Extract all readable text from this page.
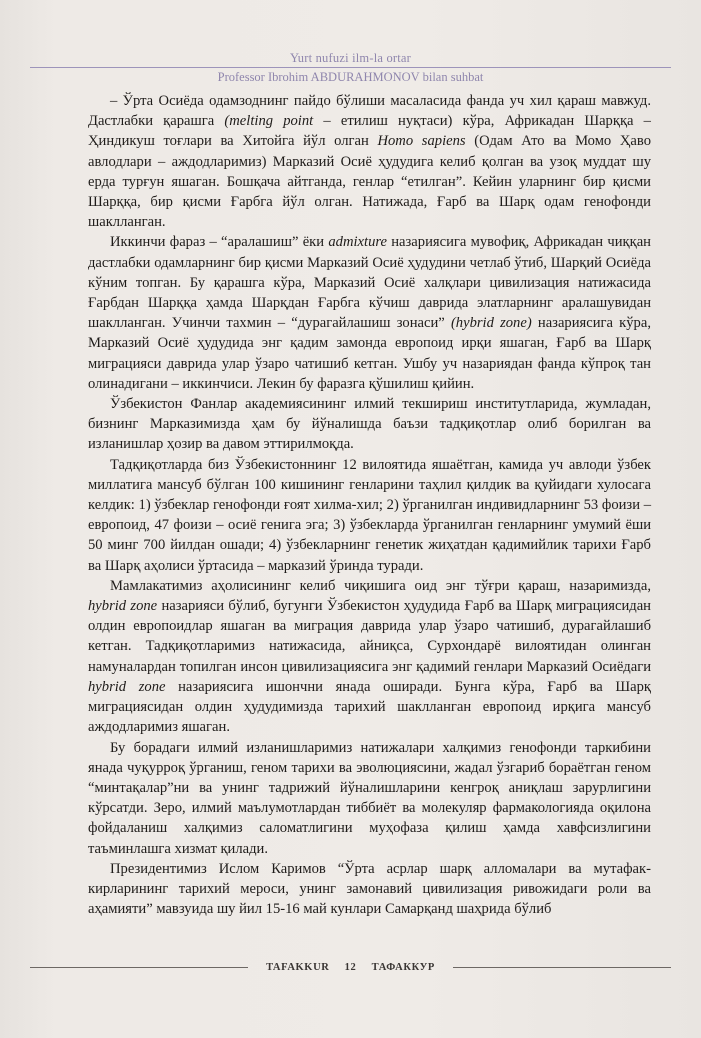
Yurt nufuzi ilm-la ortar
Professor Ibrohim ABDURAHMONOV bilan suhbat

– Ўрта Осиёда одамзоднинг пайдо бўлиши масаласида фанда уч хил қараш мавжуд. Дастлабки қарашга (melting point – етилиш нуқтаси) кўра, Африкадан Шарққа – Ҳиндикуш тоғлари ва Хитойга йўл олган Homo sapiens (Одам Ато ва Момо Ҳаво авлодлари – аждодларимиз) Марказий Осиё ҳудудига келиб қолган ва узоқ муддат шу ерда турғун яшаган. Бошқача айтганда, генлар “етилган”. Кейин уларнинг бир қисми Шарққа, бир қисми Ғарбга йўл олган. Натижада, Ғарб ва Шарқ одам генофонди шаклланган.

Иккинчи фараз – “аралашиш” ёки admixture назариясига мувофиқ, Африкадан чиққан дастлабки одамларнинг бир қисми Марказий Осиё ҳудудини четлаб ўтиб, Шарқий Осиёда кўним топган. Бу қарашга кўра, Марказий Осиё халқлари цивилизация натижасида Ғарбдан Шарққа ҳамда Шарқдан Ғарбга кўчиш даврида элатларнинг аралашувидан шаклланган. Учинчи тахмин – “дурагайлашиш зонаси” (hybrid zone) назариясига кўра, Марказий Осиё ҳудудида энг қадим замонда европоид ирқи яшаган, Ғарб ва Шарқ миграцияси даврида улар ўзаро чатишиб кетган. Ушбу уч назариядан фанда кўпроқ тан олинадигани – иккинчиси. Лекин бу фаразга қўшилиш қийин.

Ўзбекистон Фанлар академиясининг илмий текшириш институтларида, жумладан, бизнинг Марказимизда ҳам бу йўналишда баъзи тадқиқотлар олиб борилган ва изланишлар ҳозир ва давом эттирилмоқда.

Тадқиқотларда биз Ўзбекистоннинг 12 вилоятида яшаётган, камида уч авлоди ўзбек миллатига мансуб бўлган 100 кишининг генларини таҳлил қилдик ва қуйидаги хулосага келдик: 1) ўзбеклар генофонди ғоят хилма-хил; 2) ўрганилган индивидларнинг 53 фоизи – европоид, 47 фоизи – осиё генига эга; 3) ўзбекларда ўрганилган генларнинг умумий ёши 50 минг 700 йилдан ошади; 4) ўзбекларнинг генетик жиҳатдан қадимийлик тарихи Ғарб ва Шарқ аҳолиси ўртасида – марказий ўринда туради.

Мамлакатимиз аҳолисининг келиб чиқишига оид энг тўғри қараш, назаримизда, hybrid zone назарияси бўлиб, бугунги Ўзбекистон ҳудудида Ғарб ва Шарқ миграциясидан олдин европоидлар яшаган ва миграция даврида улар ўзаро чатишиб, дурагайлашиб кетган. Тадқиқотларимиз натижасида, айниқса, Сурхондарё вилоятидан олинган намуналардан топилган инсон цивилизациясига энг қадимий генлари Марказий Осиёдаги hybrid zone назариясига ишончни янада оширади. Бунга кўра, Ғарб ва Шарқ миграциясидан олдин ҳудудимизда тарихий шаклланган европоид ирқига мансуб аждодларимиз яшаган.

Бу борадаги илмий изланишларимиз натижалари халқимиз генофонди таркибини янада чуқурроқ ўрганиш, геном тарихи ва эволюциясини, жадал ўзгариб бораётган геном “минтақалар”ни ва унинг тадрижий йўналишларини кенгроқ аниқлаш зарурлигини кўрсатди. Зеро, илмий маълумотлардан тиббиёт ва молекуляр фармакологияда оқилона фойдаланиш халқимиз саломатлигини муҳофаза қилиш ҳамда хавфсизлигини таъминлашга хизмат қилади.

Президентимиз Ислом Каримов “Ўрта асрлар шарқ алломалари ва мутафаккирларининг тарихий мероси, унинг замонавий цивилизация ривожидаги роли ва аҳамияти” мавзуида шу йил 15-16 май кунлари Самарқанд шаҳрида бўлиб

TAFAKKUR 12 ТАФАККУР
